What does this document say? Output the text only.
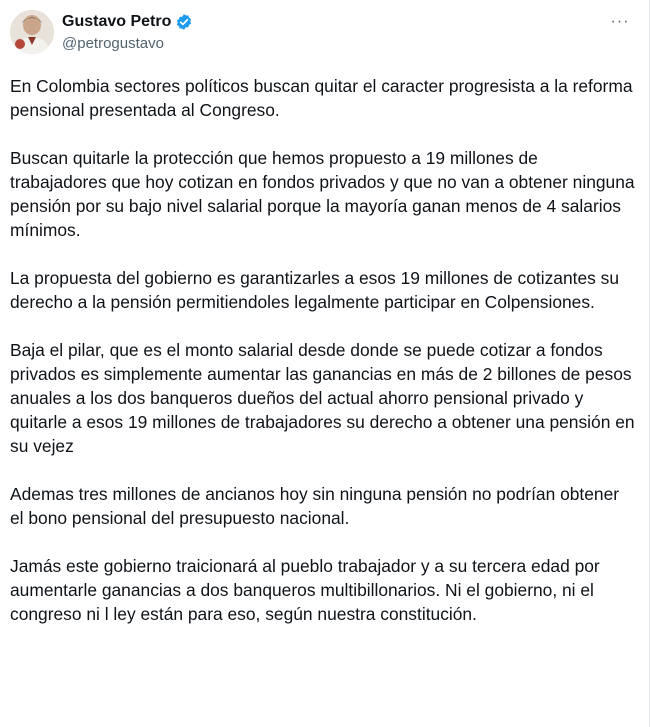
Gustavo Petro
@petrogustavo
···

En Colombia sectores políticos buscan quitar el caracter progresista a la reforma pensional presentada al Congreso.

Buscan quitarle la protección que hemos propuesto a 19 millones de trabajadores que hoy cotizan en fondos privados y que no van a obtener ninguna pensión por su bajo nivel salarial porque la mayoría ganan menos de 4 salarios mínimos.

La propuesta del gobierno es garantizarles a esos 19 millones de cotizantes su derecho a la pensión permitiendoles legalmente participar en Colpensiones.

Baja el pilar, que es el monto salarial desde donde se puede cotizar a fondos privados es simplemente aumentar las ganancias en más de 2 billones de pesos anuales a los dos banqueros dueños del actual ahorro pensional privado y quitarle a esos 19 millones de trabajadores su derecho a obtener una pensión en su vejez

Ademas tres millones de ancianos hoy sin ninguna pensión no podrían obtener el bono pensional del presupuesto nacional.

Jamás este gobierno traicionará al pueblo trabajador y a su tercera edad por aumentarle ganancias a dos banqueros multibillonarios. Ni el gobierno, ni el congreso ni l ley están para eso, según nuestra constitución.
